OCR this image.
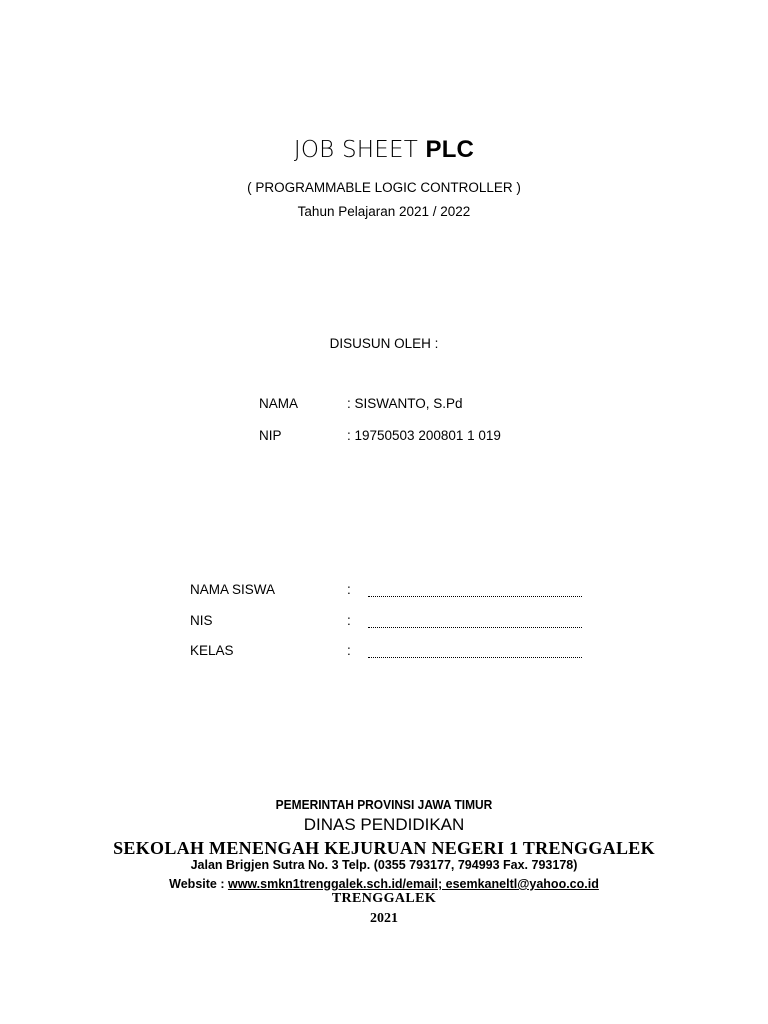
JOB SHEET PLC
( PROGRAMMABLE LOGIC CONTROLLER )
Tahun Pelajaran 2021 / 2022
DISUSUN OLEH :
NAMA	: SISWANTO, S.Pd
NIP	: 19750503 200801 1 019
NAMA SISWA	:
NIS	:
KELAS	:
PEMERINTAH PROVINSI JAWA TIMUR
DINAS PENDIDIKAN
SEKOLAH MENENGAH KEJURUAN NEGERI 1 TRENGGALEK
Jalan Brigjen Sutra No. 3 Telp. (0355 793177, 794993 Fax. 793178)
Website : www.smkn1trenggalek.sch.id/email; esemkaneltl@yahoo.co.id
TRENGGALEK
2021
